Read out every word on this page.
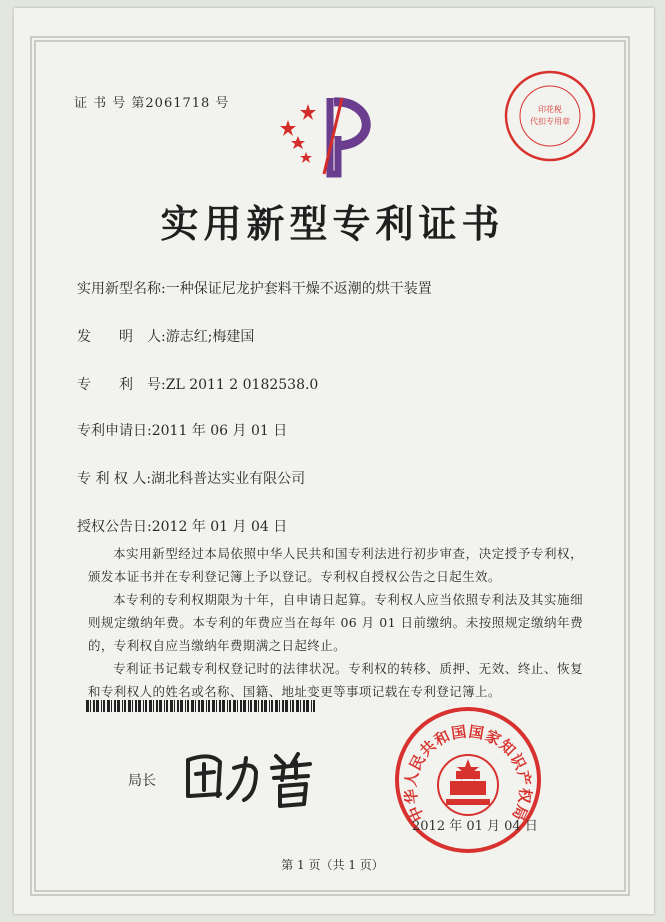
证 书 号 第2061718 号	印花税
代扣专用章
实用新型专利证书
实用新型名称:一种保证尼龙护套料干燥不返潮的烘干装置
发　　明　人:游志红;梅建国
专　　利　号:ZL 2011 2 0182538.0
专利申请日:2011 年 06 月 01 日
专 利 权 人:湖北科普达实业有限公司
授权公告日:2012 年 01 月 04 日

本实用新型经过本局依照中华人民共和国专利法进行初步审查，决定授予专利权，颁发本证书并在专利登记簿上予以登记。专利权自授权公告之日起生效。

本专利的专利权期限为十年，自申请日起算。专利权人应当依照专利法及其实施细则规定缴纳年费。本专利的年费应当在每年 06 月 01 日前缴纳。未按照规定缴纳年费的，专利权自应当缴纳年费期满之日起终止。

专利证书记载专利权登记时的法律状况。专利权的转移、质押、无效、终止、恢复和专利权人的姓名或名称、国籍、地址变更等事项记载在专利登记簿上。

局长
中华人民共和国国家知识产权局
2012 年 01 月 04 日
第 1 页（共 1 页）
